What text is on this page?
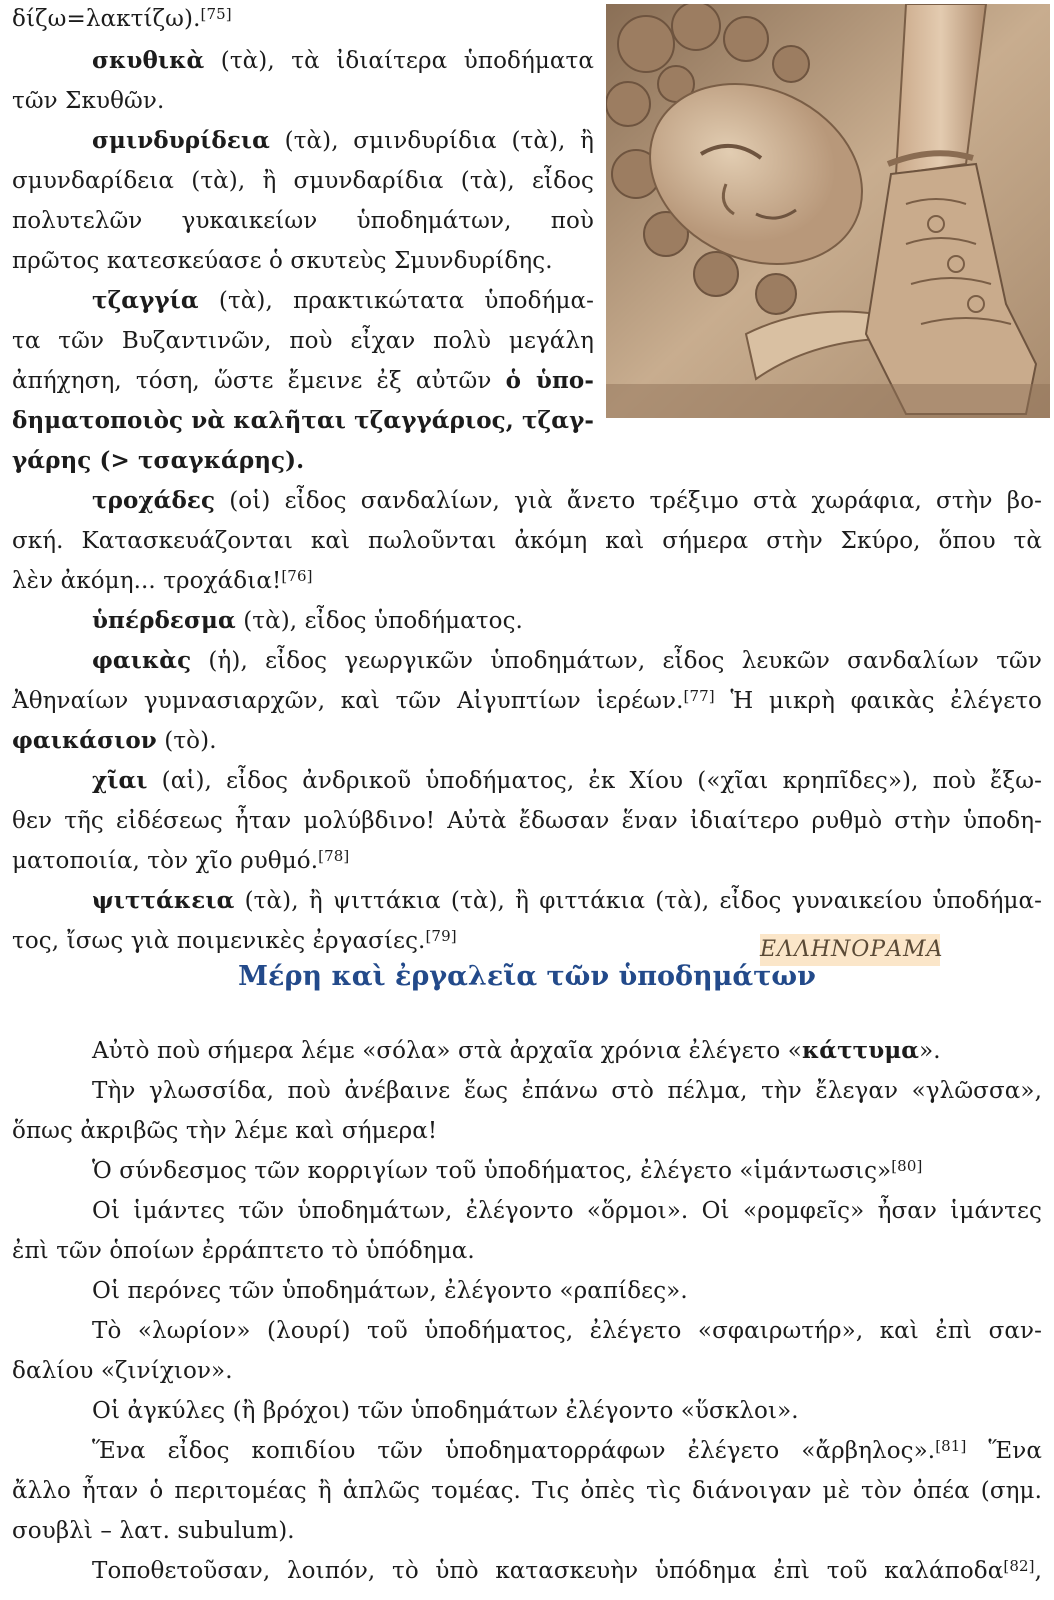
δίζω=λακτίζω).[75]
σκυθικὰ (τὰ), τὰ ἰδιαίτερα ὑποδήματα
τῶν Σκυθῶν.
σμινδυρίδεια (τὰ), σμινδυρίδια (τὰ), ἢ
σμυνδαρίδεια (τὰ), ἢ σμυνδαρίδια (τὰ), εἶδος
πολυτελῶν γυκαικείων ὑποδημάτων, ποὺ
πρῶτος κατεσκεύασε ὁ σκυτεὺς Σμυνδυρίδης.
τζαγγία (τὰ), πρακτικώτατα ὑποδήμα-
τα τῶν Βυζαντινῶν, ποὺ εἶχαν πολὺ μεγάλη
ἀπήχηση, τόση, ὥστε ἔμεινε ἐξ αὐτῶν ὁ ὑπο-
δηματοποιὸς νὰ καλῆται τζαγγάριος, τζαγ-
γάρης (> τσαγκάρης).
τροχάδες (οἱ) εἶδος σανδαλίων, γιὰ ἄνετο τρέξιμο στὰ χωράφια, στὴν βο-
σκή. Κατασκευάζονται καὶ πωλοῦνται ἀκόμη καὶ σήμερα στὴν Σκύρο, ὅπου τὰ
λὲν ἀκόμη... τροχάδια![76]
ὑπέρδεσμα (τὰ), εἶδος ὑποδήματος.
φαικὰς (ἡ), εἶδος γεωργικῶν ὑποδημάτων, εἶδος λευκῶν σανδαλίων τῶν
Ἀθηναίων γυμνασιαρχῶν, καὶ τῶν Αἰγυπτίων ἱερέων.[77] Ἡ μικρὴ φαικὰς ἐλέγετο
φαικάσιον (τὸ).
χῖαι (αἱ), εἶδος ἀνδρικοῦ ὑποδήματος, ἐκ Χίου («χῖαι κρηπῖδες»), ποὺ ἔξω-
θεν τῆς εἰδέσεως ἦταν μολύβδινο! Αὐτὰ ἔδωσαν ἕναν ἰδιαίτερο ρυθμὸ στὴν ὑποδη-
ματοποιία, τὸν χῖο ρυθμό.[78]
ψιττάκεια (τὰ), ἢ ψιττάκια (τὰ), ἢ φιττάκια (τὰ), εἶδος γυναικείου ὑποδήμα-
τος, ἴσως γιὰ ποιμενικὲς ἐργασίες.[79]
ΕΛΛΗΝΟΡΑΜΑ
Μέρη καὶ ἐργαλεῖα τῶν ὑποδημάτων
Αὐτὸ ποὺ σήμερα λέμε «σόλα» στὰ ἀρχαῖα χρόνια ἐλέγετο «κάττυμα».
Τὴν γλωσσίδα, ποὺ ἀνέβαινε ἕως ἐπάνω στὸ πέλμα, τὴν ἔλεγαν «γλῶσσα»,
ὅπως ἀκριβῶς τὴν λέμε καὶ σήμερα!
Ὁ σύνδεσμος τῶν κορριγίων τοῦ ὑποδήματος, ἐλέγετο «ἱμάντωσις»[80]
Οἱ ἱμάντες τῶν ὑποδημάτων, ἐλέγοντο «ὅρμοι». Οἱ «ρομφεῖς» ἦσαν ἱμάντες
ἐπὶ τῶν ὁποίων ἐρράπτετο τὸ ὑπόδημα.
Οἱ περόνες τῶν ὑποδημάτων, ἐλέγοντο «ραπίδες».
Τὸ «λωρίον» (λουρί) τοῦ ὑποδήματος, ἐλέγετο «σφαιρωτήρ», καὶ ἐπὶ σαν-
δαλίου «ζινίχιον».
Οἱ ἀγκύλες (ἢ βρόχοι) τῶν ὑποδημάτων ἐλέγοντο «ὕσκλοι».
Ἕνα εἶδος κοπιδίου τῶν ὑποδηματορράφων ἐλέγετο «ἄρβηλος».[81] Ἕνα
ἄλλο ἦταν ὁ περιτομέας ἢ ἁπλῶς τομέας. Τις ὀπὲς τὶς διάνοιγαν μὲ τὸν ὀπέα (σημ.
σουβλὶ – λατ. subulum).
Τοποθετοῦσαν, λοιπόν, τὸ ὑπὸ κατασκευὴν ὑπόδημα ἐπὶ τοῦ καλάποδα[82],
